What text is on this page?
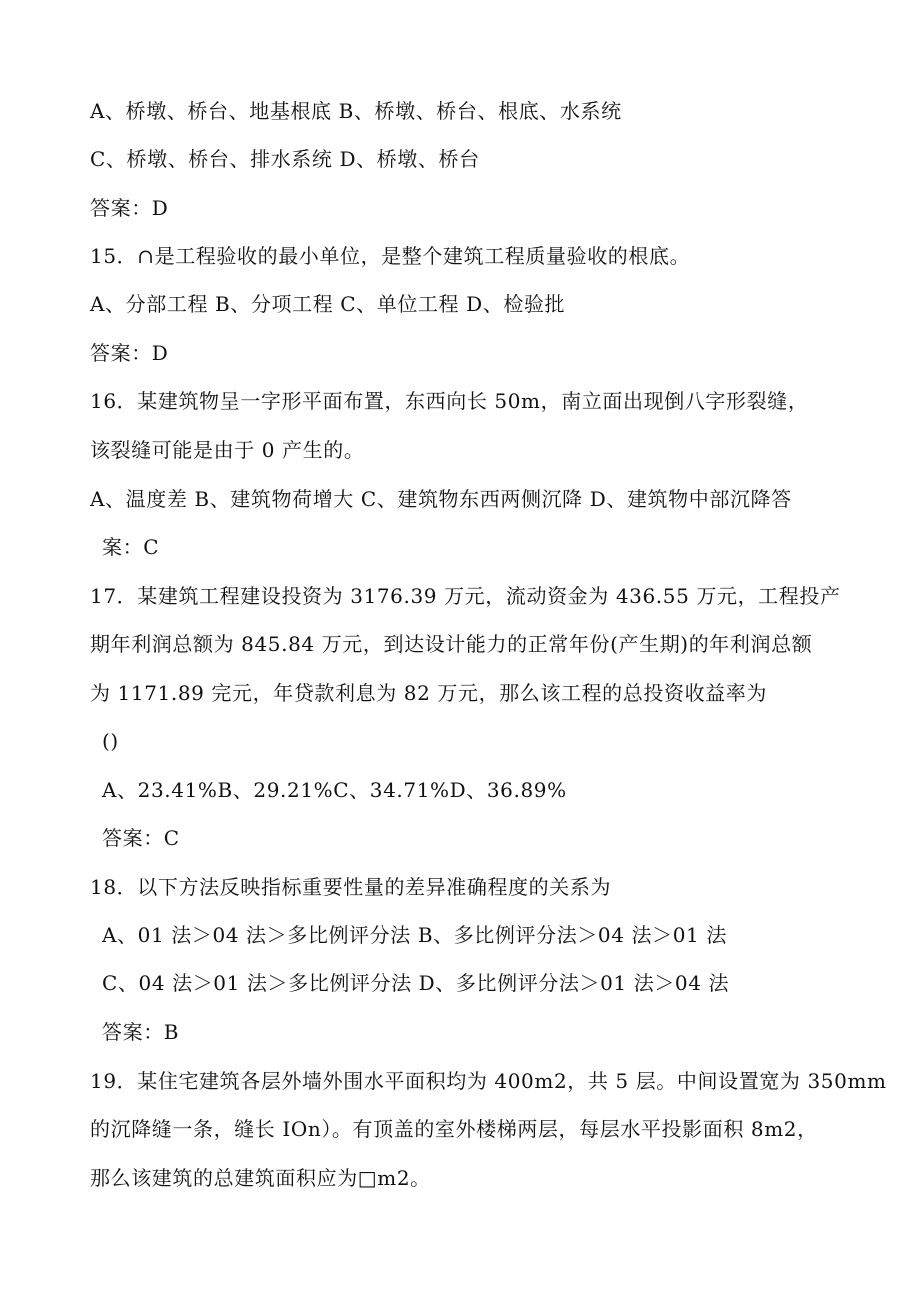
A、桥墩、桥台、地基根底 B、桥墩、桥台、根底、水系统
C、桥墩、桥台、排水系统 D、桥墩、桥台
答案：D
15．∩是工程验收的最小单位，是整个建筑工程质量验收的根底。
A、分部工程 B、分项工程 C、单位工程 D、检验批
答案：D
16．某建筑物呈一字形平面布置，东西向长 50m，南立面出现倒八字形裂缝，
该裂缝可能是由于 0 产生的。
A、温度差 B、建筑物荷增大 C、建筑物东西两侧沉降 D、建筑物中部沉降答
案：C
17．某建筑工程建设投资为 3176.39 万元，流动资金为 436.55 万元，工程投产
期年利润总额为 845.84 万元，到达设计能力的正常年份(产生期)的年利润总额
为 1171.89 完元，年贷款利息为 82 万元，那么该工程的总投资收益率为
()
A、23.41%B、29.21%C、34.71%D、36.89%
答案：C
18．以下方法反映指标重要性量的差异准确程度的关系为
A、01 法＞04 法＞多比例评分法 B、多比例评分法＞04 法＞01 法
C、04 法＞01 法＞多比例评分法 D、多比例评分法＞01 法＞04 法
答案：B
19．某住宅建筑各层外墙外围水平面积均为 400m2，共 5 层。中间设置宽为 350mm
的沉降缝一条，缝长 IOn）。有顶盖的室外楼梯两层，每层水平投影面积 8m2，
那么该建筑的总建筑面积应为□m2。
